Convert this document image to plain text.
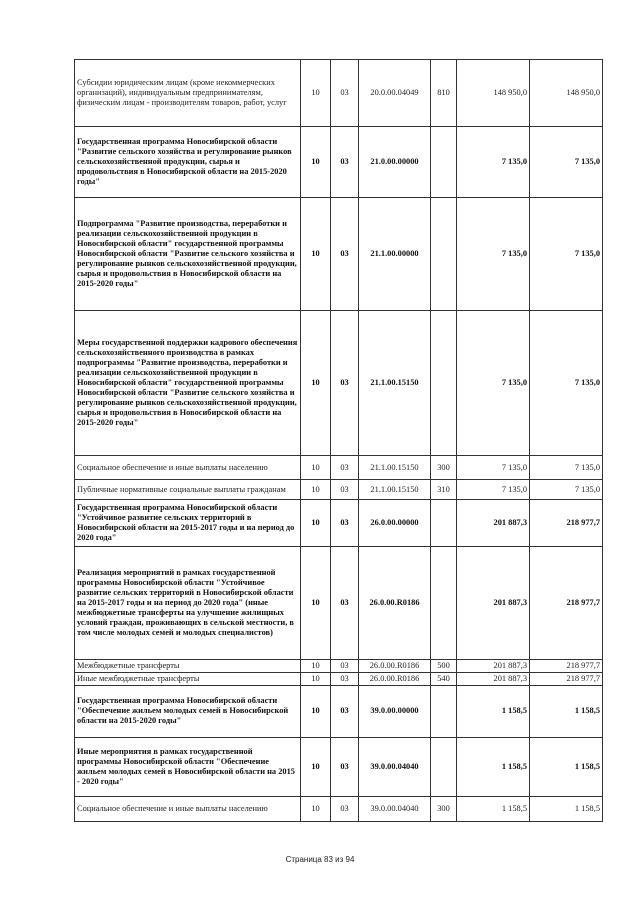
Субсидии юридическим лицам (кроме некоммерческих организаций), индивидуальным предпринимателям, физическим лицам - производителям товаров, работ, услуг	10	03	20.0.00.04049	810	148 950,0	148 950,0
Государственная программа Новосибирской области "Развитие сельского хозяйства и регулирование рынков сельскохозяйственной продукции, сырья и продовольствия в Новосибирской области на 2015-2020 годы"	10	03	21.0.00.00000		7 135,0	7 135,0
Подпрограмма "Развитие производства, переработки и реализации сельскохозяйственной продукции в Новосибирской области" государственной программы Новосибирской области "Развитие сельского хозяйства и регулирование рынков сельскохозяйственной продукции, сырья и продовольствия в Новосибирской области на 2015-2020 годы"	10	03	21.1.00.00000		7 135,0	7 135,0
Меры государственной поддержки кадрового обеспечения сельскохозяйственного производства в рамках подпрограммы "Развитие производства, переработки и реализации сельскохозяйственной продукции в Новосибирской области" государственной программы Новосибирской области "Развитие сельского хозяйства и регулирование рынков сельскохозяйственной продукции, сырья и продовольствия в Новосибирской области на 2015-2020 годы"	10	03	21.1.00.15150		7 135,0	7 135,0
Социальное обеспечение и иные выплаты населению	10	03	21.1.00.15150	300	7 135,0	7 135,0
Публичные нормативные социальные выплаты гражданам	10	03	21.1.00.15150	310	7 135,0	7 135,0
Государственная программа Новосибирской области "Устойчивое развитие сельских территорий в Новосибирской области на 2015-2017 годы и на период до 2020 года"	10	03	26.0.00.00000		201 887,3	218 977,7
Реализация мероприятий в рамках государственной программы Новосибирской области "Устойчивое развитие сельских территорий в Новосибирской области на 2015-2017 годы и на период до 2020 года" (иные межбюджетные трансферты на улучшение жилищных условий граждан, проживающих в сельской местности, в том числе молодых семей и молодых специалистов)	10	03	26.0.00.R0186		201 887,3	218 977,7
Межбюджетные трансферты	10	03	26.0.00.R0186	500	201 887,3	218 977,7
Иные межбюджетные трансферты	10	03	26.0.00.R0186	540	201 887,3	218 977,7
Государственная программа Новосибирской области "Обеспечение жильем молодых семей в Новосибирской области на 2015-2020 годы"	10	03	39.0.00.00000		1 158,5	1 158,5
Иные мероприятия в рамках государственной программы Новосибирской области "Обеспечение жильем молодых семей в Новосибирской области на 2015 - 2020 годы"	10	03	39.0.00.04040		1 158,5	1 158,5
Социальное обеспечение и иные выплаты населению	10	03	39.0.00.04040	300	1 158,5	1 158,5
Страница 83 из 94
